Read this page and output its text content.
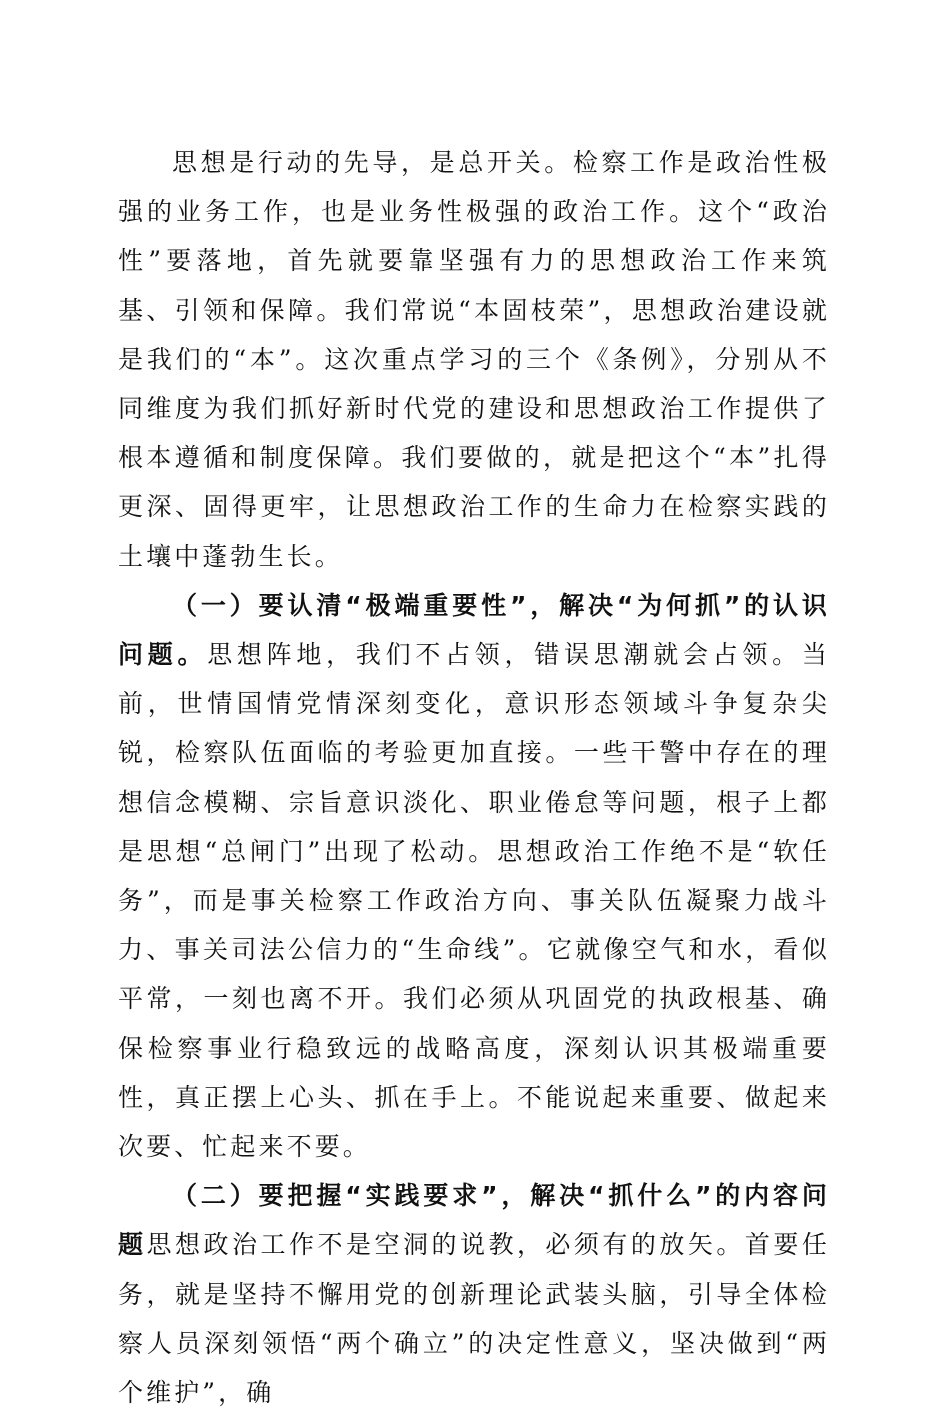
思想是行动的先导，是总开关。检察工作是政治性极强的业务工作，也是业务性极强的政治工作。这个“政治性”要落地，首先就要靠坚强有力的思想政治工作来筑基、引领和保障。我们常说“本固枝荣”，思想政治建设就是我们的“本”。这次重点学习的三个《条例》，分别从不同维度为我们抓好新时代党的建设和思想政治工作提供了根本遵循和制度保障。我们要做的，就是把这个“本”扎得更深、固得更牢，让思想政治工作的生命力在检察实践的土壤中蓬勃生长。

（一）要认清“极端重要性”，解决“为何抓”的认识问题。思想阵地，我们不占领，错误思潮就会占领。当前，世情国情党情深刻变化，意识形态领域斗争复杂尖锐，检察队伍面临的考验更加直接。一些干警中存在的理想信念模糊、宗旨意识淡化、职业倦怠等问题，根子上都是思想“总闸门”出现了松动。思想政治工作绝不是“软任务”，而是事关检察工作政治方向、事关队伍凝聚力战斗力、事关司法公信力的“生命线”。它就像空气和水，看似平常，一刻也离不开。我们必须从巩固党的执政根基、确保检察事业行稳致远的战略高度，深刻认识其极端重要性，真正摆上心头、抓在手上。不能说起来重要、做起来次要、忙起来不要。

（二）要把握“实践要求”，解决“抓什么”的内容问题思想政治工作不是空洞的说教，必须有的放矢。首要任务，就是坚持不懈用党的创新理论武装头脑，引导全体检察人员深刻领悟“两个确立”的决定性意义，坚决做到“两个维护”，确
